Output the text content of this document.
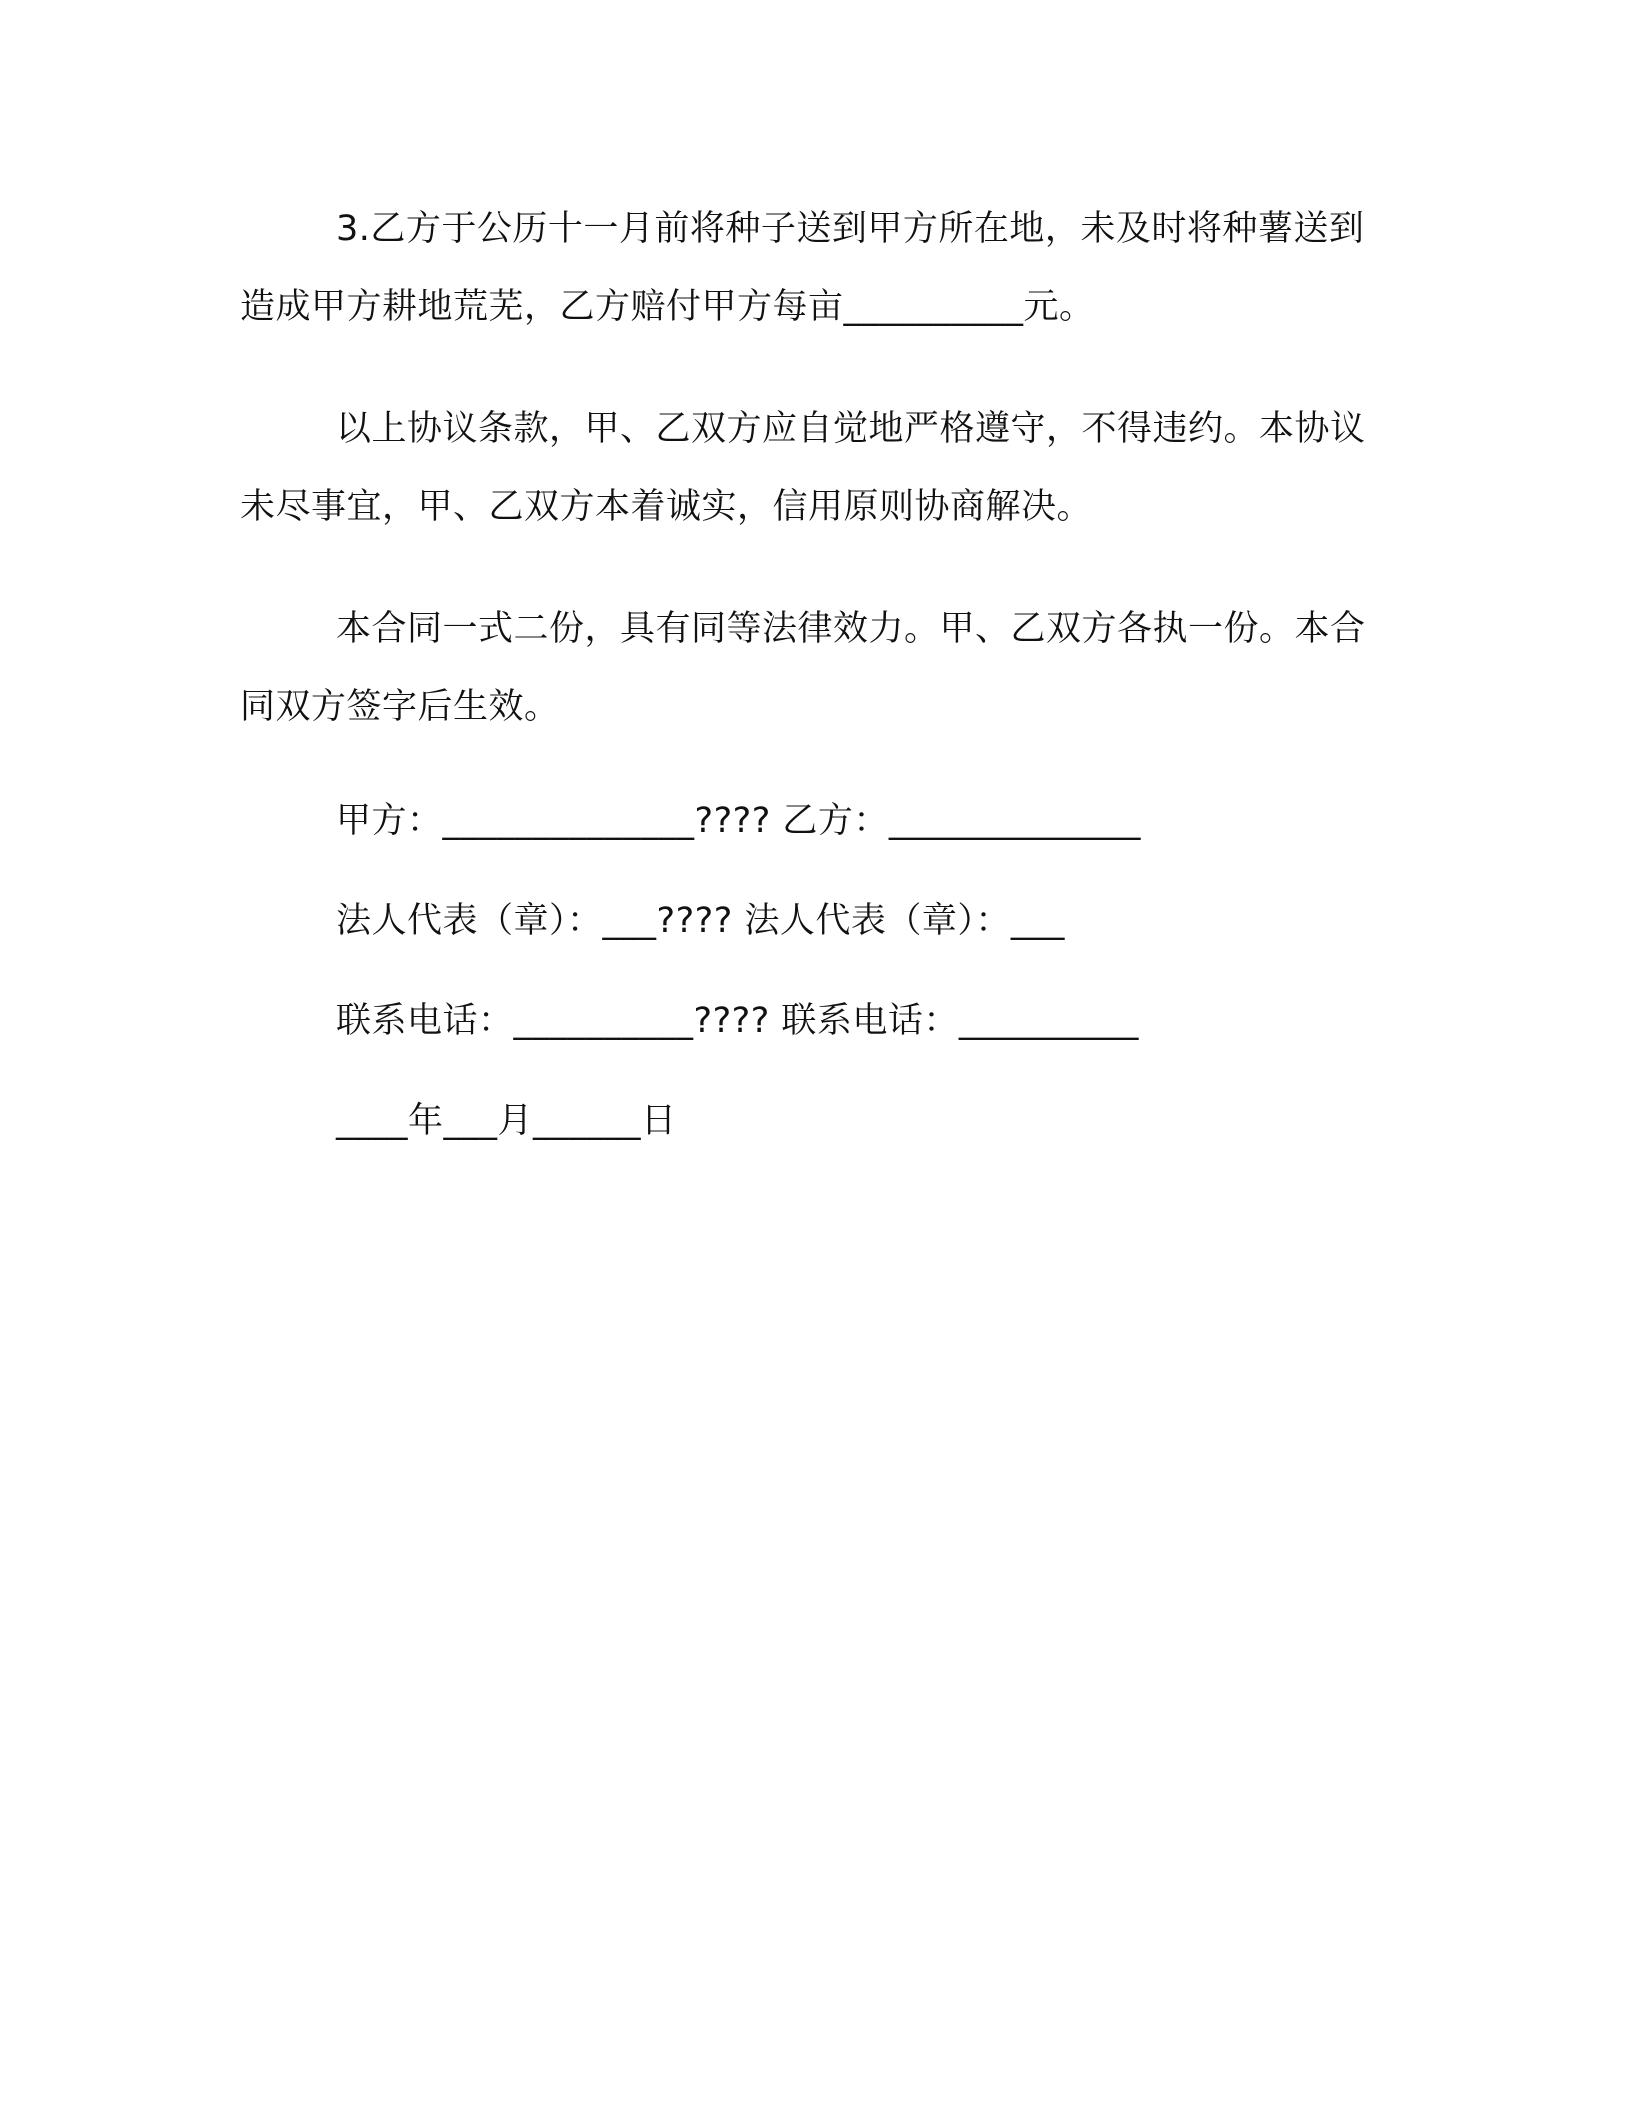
3.乙方于公历十一月前将种子送到甲方所在地，未及时将种薯送到造成甲方耕地荒芜，乙方赔付甲方每亩__________元。

以上协议条款，甲、乙双方应自觉地严格遵守，不得违约。本协议未尽事宜，甲、乙双方本着诚实，信用原则协商解决。

本合同一式二份，具有同等法律效力。甲、乙双方各执一份。本合同双方签字后生效。

甲方：______________???? 乙方：______________
法人代表（章）：___???? 法人代表（章）：___
联系电话：__________???? 联系电话：__________
____年___月______日
